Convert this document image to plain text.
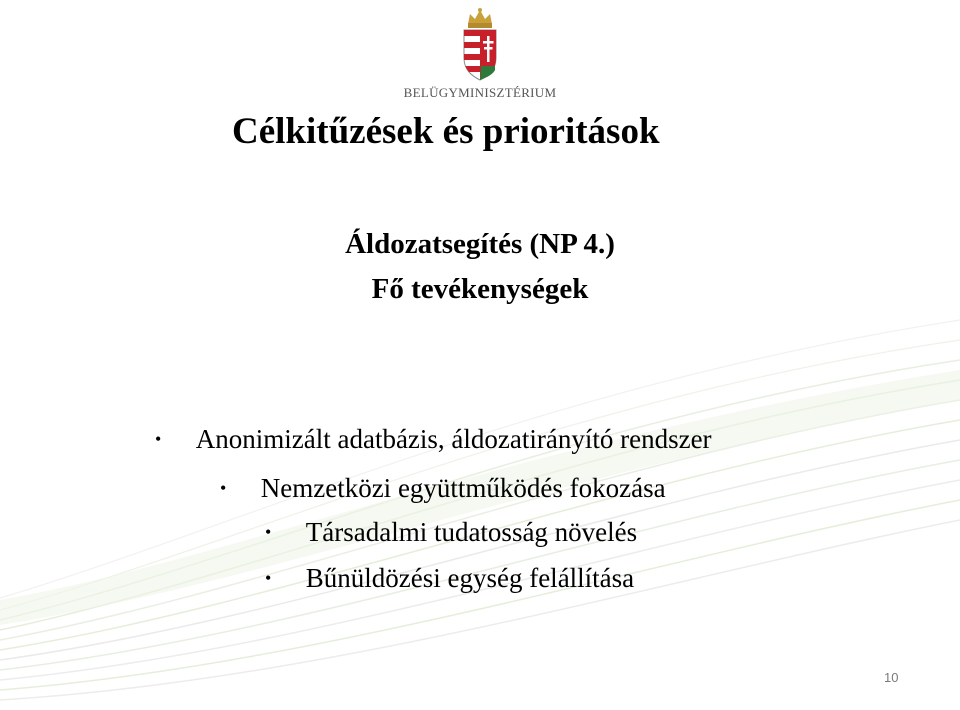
BELÜGYMINISZTÉRIUM
Célkitűzések és prioritások
Áldozatsegítés (NP 4.)
Fő tevékenységek
• Anonimizált adatbázis, áldozatirányító rendszer
• Nemzetközi együttműködés fokozása
• Társadalmi tudatosság növelés
• Bűnüldözési egység felállítása
10
